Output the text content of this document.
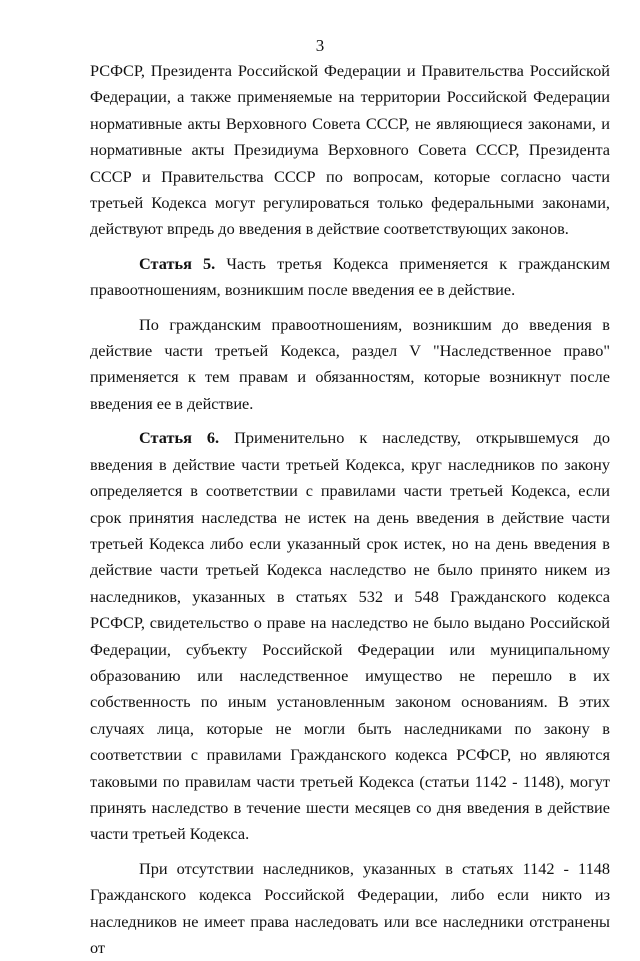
3

РСФСР, Президента Российской Федерации и Правительства Российской Федерации, а также применяемые на территории Российской Федерации нормативные акты Верховного Совета СССР, не являющиеся законами, и нормативные акты Президиума Верховного Совета СССР, Президента СССР и Правительства СССР по вопросам, которые согласно части третьей Кодекса могут регулироваться только федеральными законами, действуют впредь до введения в действие соответствующих законов.

Статья 5. Часть третья Кодекса применяется к гражданским правоотношениям, возникшим после введения ее в действие.

По гражданским правоотношениям, возникшим до введения в действие части третьей Кодекса, раздел V "Наследственное право" применяется к тем правам и обязанностям, которые возникнут после введения ее в действие.

Статья 6. Применительно к наследству, открывшемуся до введения в действие части третьей Кодекса, круг наследников по закону определяется в соответствии с правилами части третьей Кодекса, если срок принятия наследства не истек на день введения в действие части третьей Кодекса либо если указанный срок истек, но на день введения в действие части третьей Кодекса наследство не было принято никем из наследников, указанных в статьях 532 и 548 Гражданского кодекса РСФСР, свидетельство о праве на наследство не было выдано Российской Федерации, субъекту Российской Федерации или муниципальному образованию или наследственное имущество не перешло в их собственность по иным установленным законом основаниям. В этих случаях лица, которые не могли быть наследниками по закону в соответствии с правилами Гражданского кодекса РСФСР, но являются таковыми по правилам части третьей Кодекса (статьи 1142 - 1148), могут принять наследство в течение шести месяцев со дня введения в действие части третьей Кодекса.

При отсутствии наследников, указанных в статьях 1142 - 1148 Гражданского кодекса Российской Федерации, либо если никто из наследников не имеет права наследовать или все наследники отстранены от
